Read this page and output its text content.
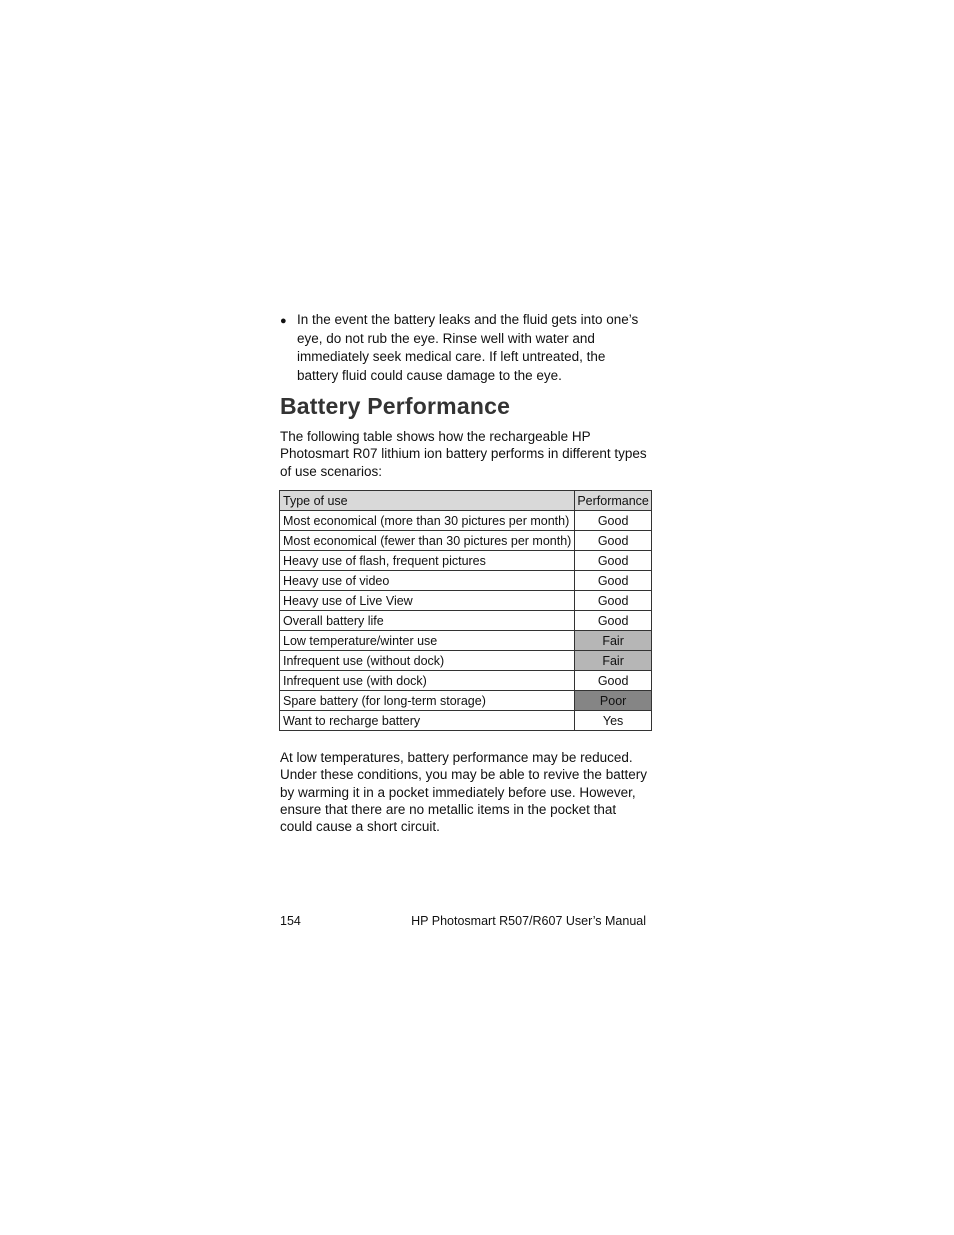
● In the event the battery leaks and the fluid gets into one’s eye, do not rub the eye. Rinse well with water and immediately seek medical care. If left untreated, the battery fluid could cause damage to the eye.

Battery Performance

The following table shows how the rechargeable HP Photosmart R07 lithium ion battery performs in different types of use scenarios:

Type of use	Performance
Most economical (more than 30 pictures per month)	Good
Most economical (fewer than 30 pictures per month)	Good
Heavy use of flash, frequent pictures	Good
Heavy use of video	Good
Heavy use of Live View	Good
Overall battery life	Good
Low temperature/winter use	Fair
Infrequent use (without dock)	Fair
Infrequent use (with dock)	Good
Spare battery (for long-term storage)	Poor
Want to recharge battery	Yes

At low temperatures, battery performance may be reduced. Under these conditions, you may be able to revive the battery by warming it in a pocket immediately before use. However, ensure that there are no metallic items in the pocket that could cause a short circuit.

154	HP Photosmart R507/R607 User’s Manual
